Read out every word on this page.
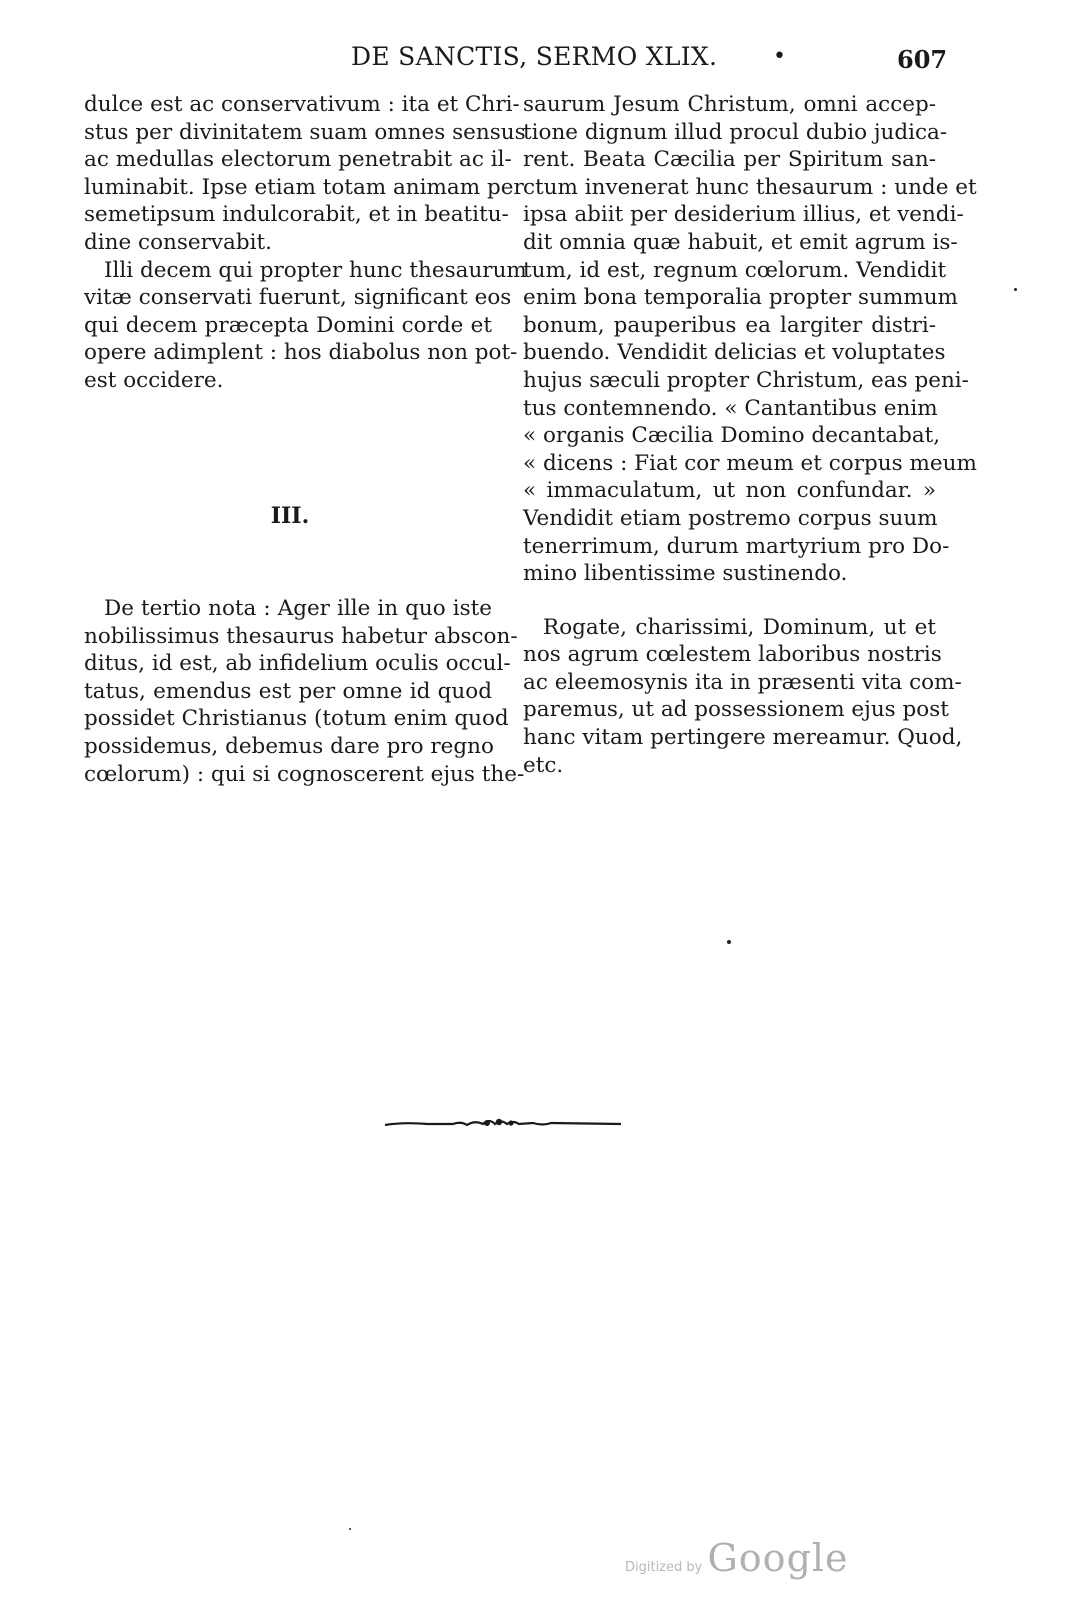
DE SANCTIS, SERMO XLIX.	•	607
dulce est ac conservativum : ita et Chri-
stus per divinitatem suam omnes sensus
ac medullas electorum penetrabit ac il-
luminabit. Ipse etiam totam animam per
semetipsum indulcorabit, et in beatitu-
dine conservabit.
Illi decem qui propter hunc thesaurum
vitæ conservati fuerunt, significant eos
qui decem præcepta Domini corde et
opere adimplent : hos diabolus non pot-
est occidere.
III.
De tertio nota : Ager ille in quo iste
nobilissimus thesaurus habetur abscon-
ditus, id est, ab infidelium oculis occul-
tatus, emendus est per omne id quod
possidet Christianus (totum enim quod
possidemus, debemus dare pro regno
cœlorum) : qui si cognoscerent ejus the-
saurum Jesum Christum, omni accep-
tione dignum illud procul dubio judica-
rent. Beata Cæcilia per Spiritum san-
ctum invenerat hunc thesaurum : unde et
ipsa abiit per desiderium illius, et vendi-
dit omnia quæ habuit, et emit agrum is-
tum, id est, regnum cœlorum. Vendidit
enim bona temporalia propter summum
bonum, pauperibus ea largiter distri-
buendo. Vendidit delicias et voluptates
hujus sæculi propter Christum, eas peni-
tus contemnendo. « Cantantibus enim
« organis Cæcilia Domino decantabat,
« dicens : Fiat cor meum et corpus meum
« immaculatum, ut non confundar. »
Vendidit etiam postremo corpus suum
tenerrimum, durum martyrium pro Do-
mino libentissime sustinendo.
Rogate, charissimi, Dominum, ut et
nos agrum cœlestem laboribus nostris
ac eleemosynis ita in præsenti vita com-
paremus, ut ad possessionem ejus post
hanc vitam pertingere mereamur. Quod,
etc.
Digitized by Google
